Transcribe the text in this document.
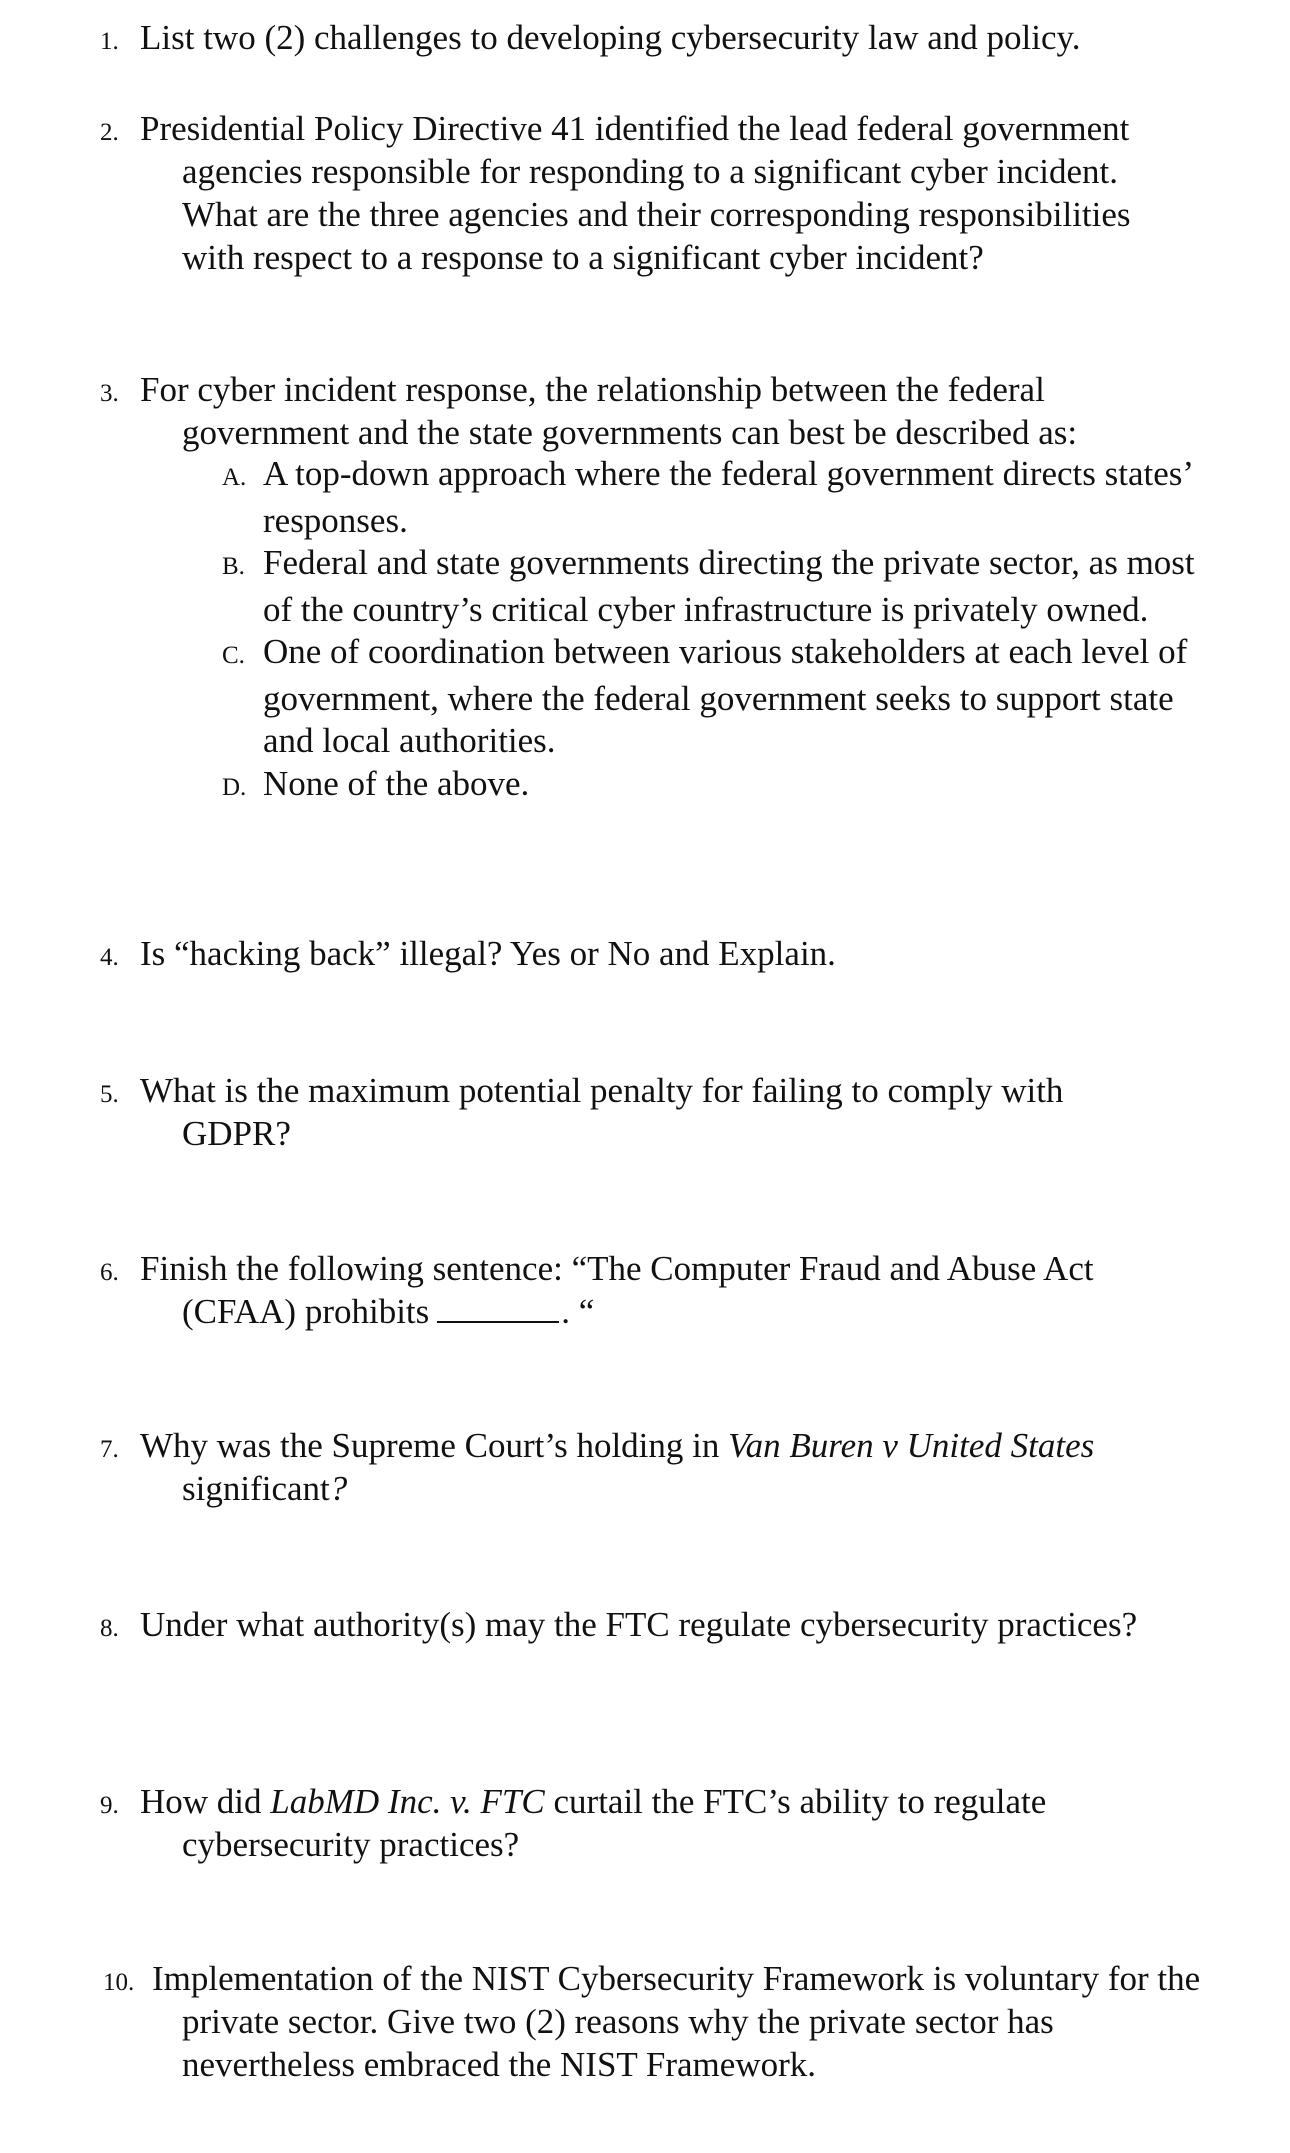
1. List two (2) challenges to developing cybersecurity law and policy.
2. Presidential Policy Directive 41 identified the lead federal government agencies responsible for responding to a significant cyber incident. What are the three agencies and their corresponding responsibilities with respect to a response to a significant cyber incident?
3. For cyber incident response, the relationship between the federal government and the state governments can best be described as:
A. A top-down approach where the federal government directs states’ responses.
B. Federal and state governments directing the private sector, as most of the country’s critical cyber infrastructure is privately owned.
C. One of coordination between various stakeholders at each level of government, where the federal government seeks to support state and local authorities.
D. None of the above.
4. Is “hacking back” illegal? Yes or No and Explain.
5. What is the maximum potential penalty for failing to comply with GDPR?
6. Finish the following sentence: “The Computer Fraud and Abuse Act (CFAA) prohibits	. “
7. Why was the Supreme Court’s holding in Van Buren v United States significant?
8. Under what authority(s) may the FTC regulate cybersecurity practices?
9. How did LabMD Inc. v. FTC curtail the FTC’s ability to regulate cybersecurity practices?
10. Implementation of the NIST Cybersecurity Framework is voluntary for the private sector. Give two (2) reasons why the private sector has nevertheless embraced the NIST Framework.
